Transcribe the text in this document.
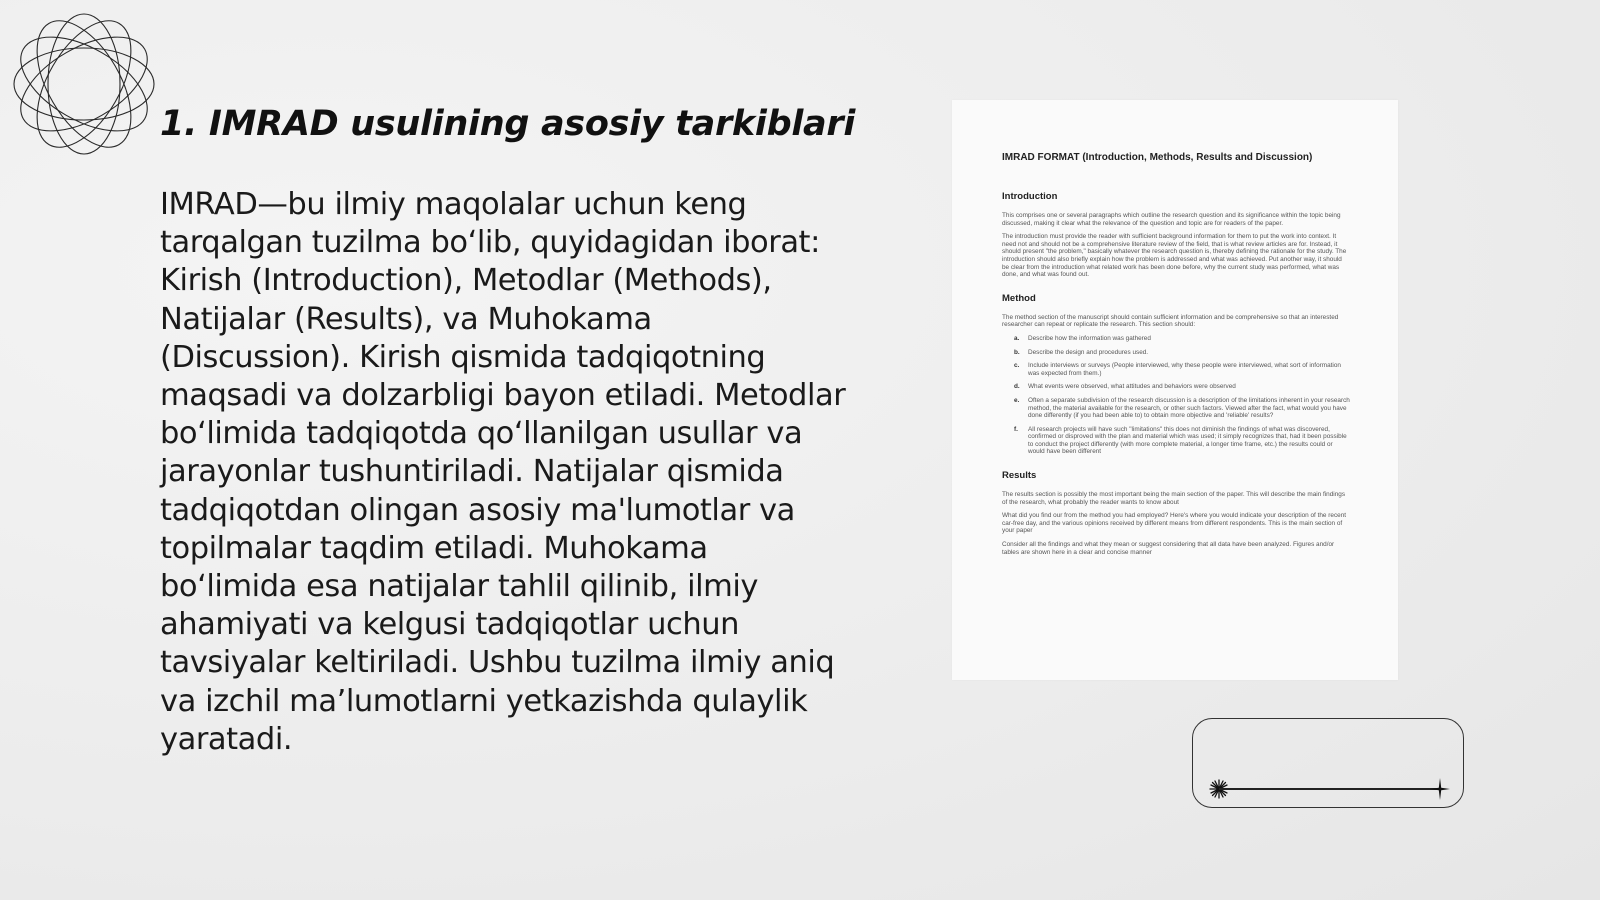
1. IMRAD usulining asosiy tarkiblari

IMRAD—bu ilmiy maqolalar uchun keng tarqalgan tuzilma bo‘lib, quyidagidan iborat: Kirish (Introduction), Metodlar (Methods), Natijalar (Results), va Muhokama (Discussion). Kirish qismida tadqiqotning maqsadi va dolzarbligi bayon etiladi. Metodlar bo‘limida tadqiqotda qo‘llanilgan usullar va jarayonlar tushuntiriladi. Natijalar qismida tadqiqotdan olingan asosiy ma'lumotlar va topilmalar taqdim etiladi. Muhokama bo‘limida esa natijalar tahlil qilinib, ilmiy ahamiyati va kelgusi tadqiqotlar uchun tavsiyalar keltiriladi. Ushbu tuzilma ilmiy aniq va izchil ma’lumotlarni yetkazishda qulaylik yaratadi.

IMRAD FORMAT (Introduction, Methods, Results and Discussion)
Introduction

This comprises one or several paragraphs which outline the research question and its significance within the topic being discussed, making it clear what the relevance of the question and topic are for readers of the paper.

The introduction must provide the reader with sufficient background information for them to put the work into context. It need not and should not be a comprehensive literature review of the field, that is what review articles are for. Instead, it should present "the problem," basically whatever the research question is, thereby defining the rationale for the study. The introduction should also briefly explain how the problem is addressed and what was achieved. Put another way, it should be clear from the introduction what related work has been done before, why the current study was performed, what was done, and what was found out.

Method

The method section of the manuscript should contain sufficient information and be comprehensive so that an interested researcher can repeat or replicate the research. This section should:

a.	Describe how the information was gathered
b.	Describe the design and procedures used.
c.	Include interviews or surveys (People interviewed, why these people were interviewed, what sort of information was expected from them.)
d.	What events were observed, what attitudes and behaviors were observed
e.	Often a separate subdivision of the research discussion is a description of the limitations inherent in your research method, the material available for the research, or other such factors. Viewed after the fact, what would you have done differently (if you had been able to) to obtain more objective and 'reliable' results?
f.	All research projects will have such "limitations" this does not diminish the findings of what was discovered, confirmed or disproved with the plan and material which was used; it simply recognizes that, had it been possible to conduct the project differently (with more complete material, a longer time frame, etc.) the results could or would have been different
Results

The results section is possibly the most important being the main section of the paper. This will describe the main findings of the research, what probably the reader wants to know about

What did you find our from the method you had employed? Here's where you would indicate your description of the recent car-free day, and the various opinions received by different means from different respondents. This is the main section of your paper

Consider all the findings and what they mean or suggest considering that all data have been analyzed. Figures and/or tables are shown here in a clear and concise manner
